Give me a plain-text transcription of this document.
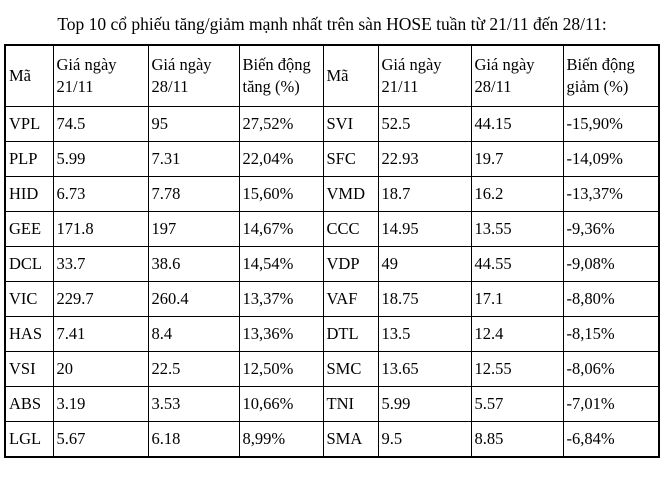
Top 10 cổ phiếu tăng/giảm mạnh nhất trên sàn HOSE tuần từ 21/11 đến 28/11:
Mã	Giá ngày 21/11	Giá ngày 28/11	Biến động tăng (%)	Mã	Giá ngày 21/11	Giá ngày 28/11	Biến động giảm (%)
VPL	74.5	95	27,52%	SVI	52.5	44.15	-15,90%
PLP	5.99	7.31	22,04%	SFC	22.93	19.7	-14,09%
HID	6.73	7.78	15,60%	VMD	18.7	16.2	-13,37%
GEE	171.8	197	14,67%	CCC	14.95	13.55	-9,36%
DCL	33.7	38.6	14,54%	VDP	49	44.55	-9,08%
VIC	229.7	260.4	13,37%	VAF	18.75	17.1	-8,80%
HAS	7.41	8.4	13,36%	DTL	13.5	12.4	-8,15%
VSI	20	22.5	12,50%	SMC	13.65	12.55	-8,06%
ABS	3.19	3.53	10,66%	TNI	5.99	5.57	-7,01%
LGL	5.67	6.18	8,99%	SMA	9.5	8.85	-6,84%
